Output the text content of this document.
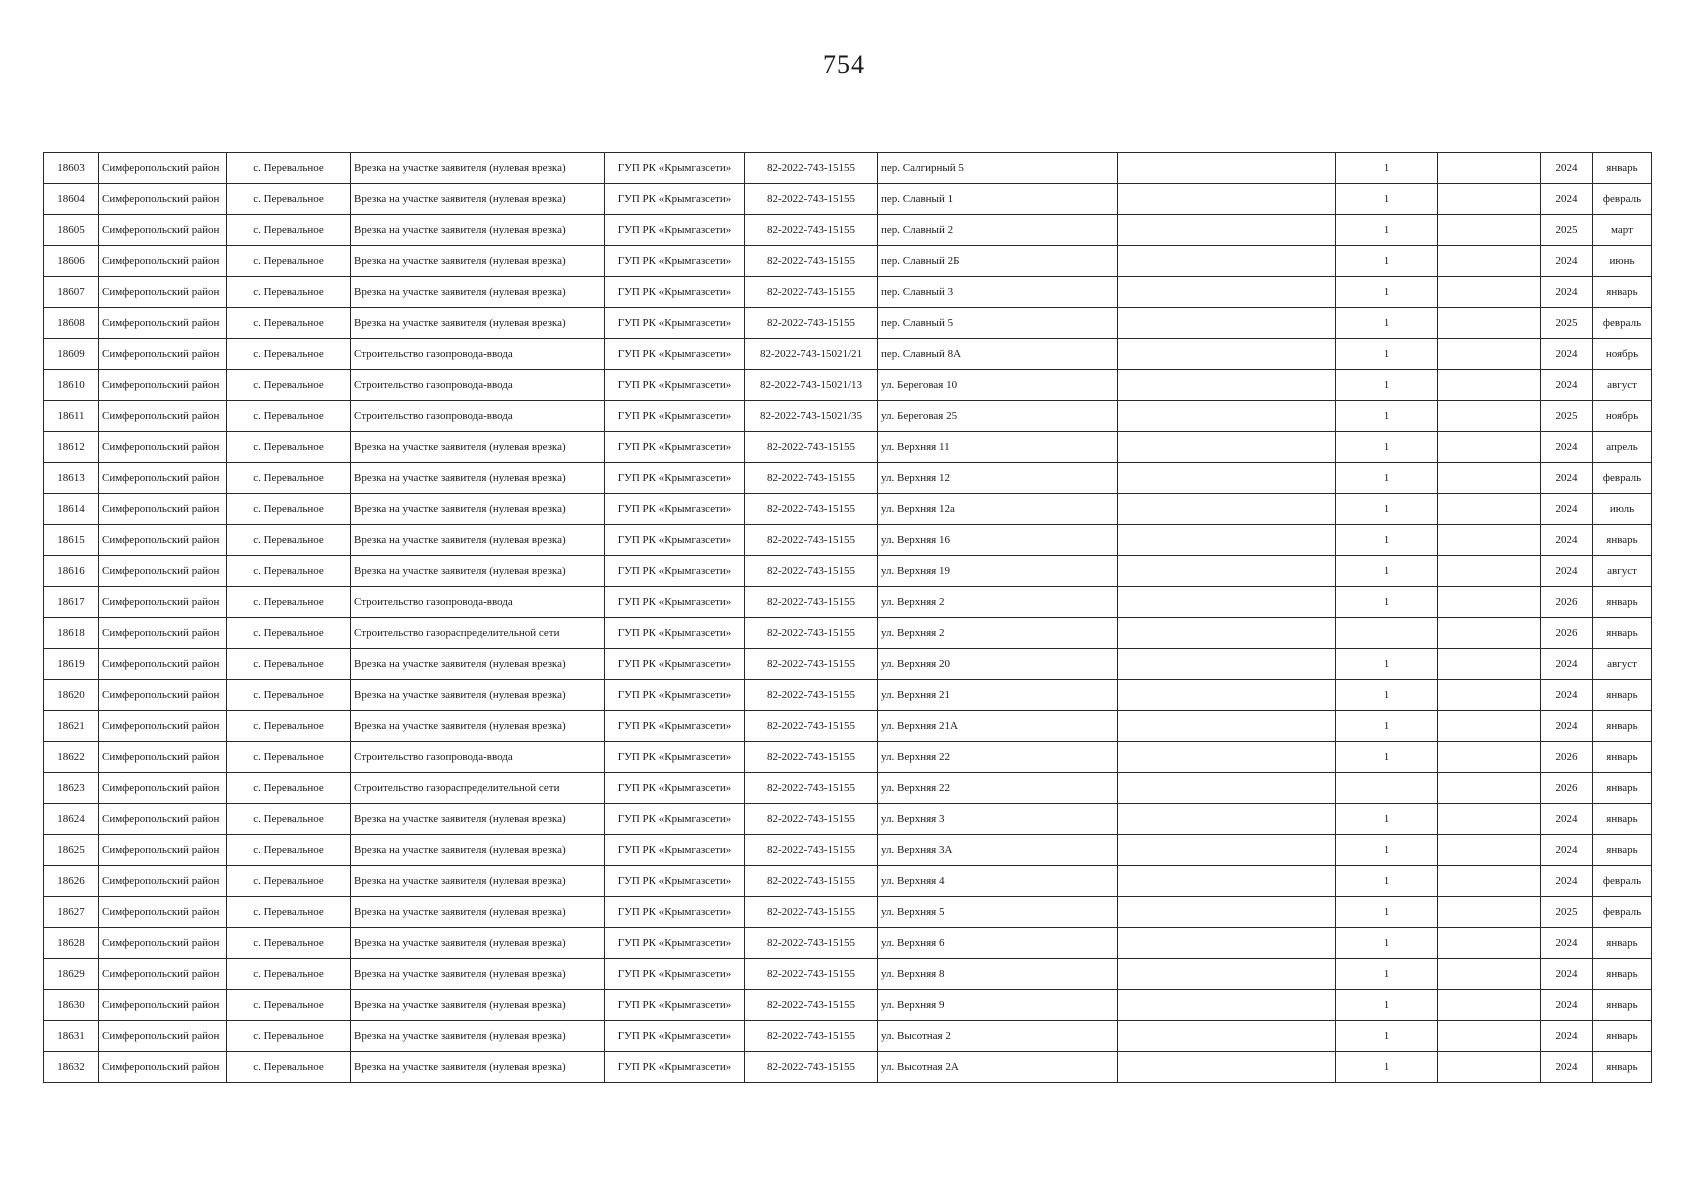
754
18603	Симферопольский район	с. Перевальное	Врезка на участке заявителя (нулевая врезка)	ГУП РК «Крымгазсети»	82-2022-743-15155	пер. Салгирный 5		1		2024	январь
18604	Симферопольский район	с. Перевальное	Врезка на участке заявителя (нулевая врезка)	ГУП РК «Крымгазсети»	82-2022-743-15155	пер. Славный 1		1		2024	февраль
18605	Симферопольский район	с. Перевальное	Врезка на участке заявителя (нулевая врезка)	ГУП РК «Крымгазсети»	82-2022-743-15155	пер. Славный 2		1		2025	март
18606	Симферопольский район	с. Перевальное	Врезка на участке заявителя (нулевая врезка)	ГУП РК «Крымгазсети»	82-2022-743-15155	пер. Славный 2Б		1		2024	июнь
18607	Симферопольский район	с. Перевальное	Врезка на участке заявителя (нулевая врезка)	ГУП РК «Крымгазсети»	82-2022-743-15155	пер. Славный 3		1		2024	январь
18608	Симферопольский район	с. Перевальное	Врезка на участке заявителя (нулевая врезка)	ГУП РК «Крымгазсети»	82-2022-743-15155	пер. Славный 5		1		2025	февраль
18609	Симферопольский район	с. Перевальное	Строительство газопровода-ввода	ГУП РК «Крымгазсети»	82-2022-743-15021/21	пер. Славный 8А		1		2024	ноябрь
18610	Симферопольский район	с. Перевальное	Строительство газопровода-ввода	ГУП РК «Крымгазсети»	82-2022-743-15021/13	ул. Береговая 10		1		2024	август
18611	Симферопольский район	с. Перевальное	Строительство газопровода-ввода	ГУП РК «Крымгазсети»	82-2022-743-15021/35	ул. Береговая 25		1		2025	ноябрь
18612	Симферопольский район	с. Перевальное	Врезка на участке заявителя (нулевая врезка)	ГУП РК «Крымгазсети»	82-2022-743-15155	ул. Верхняя 11		1		2024	апрель
18613	Симферопольский район	с. Перевальное	Врезка на участке заявителя (нулевая врезка)	ГУП РК «Крымгазсети»	82-2022-743-15155	ул. Верхняя 12		1		2024	февраль
18614	Симферопольский район	с. Перевальное	Врезка на участке заявителя (нулевая врезка)	ГУП РК «Крымгазсети»	82-2022-743-15155	ул. Верхняя 12а		1		2024	июль
18615	Симферопольский район	с. Перевальное	Врезка на участке заявителя (нулевая врезка)	ГУП РК «Крымгазсети»	82-2022-743-15155	ул. Верхняя 16		1		2024	январь
18616	Симферопольский район	с. Перевальное	Врезка на участке заявителя (нулевая врезка)	ГУП РК «Крымгазсети»	82-2022-743-15155	ул. Верхняя 19		1		2024	август
18617	Симферопольский район	с. Перевальное	Строительство газопровода-ввода	ГУП РК «Крымгазсети»	82-2022-743-15155	ул. Верхняя 2		1		2026	январь
18618	Симферопольский район	с. Перевальное	Строительство газораспределительной сети	ГУП РК «Крымгазсети»	82-2022-743-15155	ул. Верхняя 2				2026	январь
18619	Симферопольский район	с. Перевальное	Врезка на участке заявителя (нулевая врезка)	ГУП РК «Крымгазсети»	82-2022-743-15155	ул. Верхняя 20		1		2024	август
18620	Симферопольский район	с. Перевальное	Врезка на участке заявителя (нулевая врезка)	ГУП РК «Крымгазсети»	82-2022-743-15155	ул. Верхняя 21		1		2024	январь
18621	Симферопольский район	с. Перевальное	Врезка на участке заявителя (нулевая врезка)	ГУП РК «Крымгазсети»	82-2022-743-15155	ул. Верхняя 21А		1		2024	январь
18622	Симферопольский район	с. Перевальное	Строительство газопровода-ввода	ГУП РК «Крымгазсети»	82-2022-743-15155	ул. Верхняя 22		1		2026	январь
18623	Симферопольский район	с. Перевальное	Строительство газораспределительной сети	ГУП РК «Крымгазсети»	82-2022-743-15155	ул. Верхняя 22				2026	январь
18624	Симферопольский район	с. Перевальное	Врезка на участке заявителя (нулевая врезка)	ГУП РК «Крымгазсети»	82-2022-743-15155	ул. Верхняя 3		1		2024	январь
18625	Симферопольский район	с. Перевальное	Врезка на участке заявителя (нулевая врезка)	ГУП РК «Крымгазсети»	82-2022-743-15155	ул. Верхняя 3А		1		2024	январь
18626	Симферопольский район	с. Перевальное	Врезка на участке заявителя (нулевая врезка)	ГУП РК «Крымгазсети»	82-2022-743-15155	ул. Верхняя 4		1		2024	февраль
18627	Симферопольский район	с. Перевальное	Врезка на участке заявителя (нулевая врезка)	ГУП РК «Крымгазсети»	82-2022-743-15155	ул. Верхняя 5		1		2025	февраль
18628	Симферопольский район	с. Перевальное	Врезка на участке заявителя (нулевая врезка)	ГУП РК «Крымгазсети»	82-2022-743-15155	ул. Верхняя 6		1		2024	январь
18629	Симферопольский район	с. Перевальное	Врезка на участке заявителя (нулевая врезка)	ГУП РК «Крымгазсети»	82-2022-743-15155	ул. Верхняя 8		1		2024	январь
18630	Симферопольский район	с. Перевальное	Врезка на участке заявителя (нулевая врезка)	ГУП РК «Крымгазсети»	82-2022-743-15155	ул. Верхняя 9		1		2024	январь
18631	Симферопольский район	с. Перевальное	Врезка на участке заявителя (нулевая врезка)	ГУП РК «Крымгазсети»	82-2022-743-15155	ул. Высотная 2		1		2024	январь
18632	Симферопольский район	с. Перевальное	Врезка на участке заявителя (нулевая врезка)	ГУП РК «Крымгазсети»	82-2022-743-15155	ул. Высотная 2А		1		2024	январь
